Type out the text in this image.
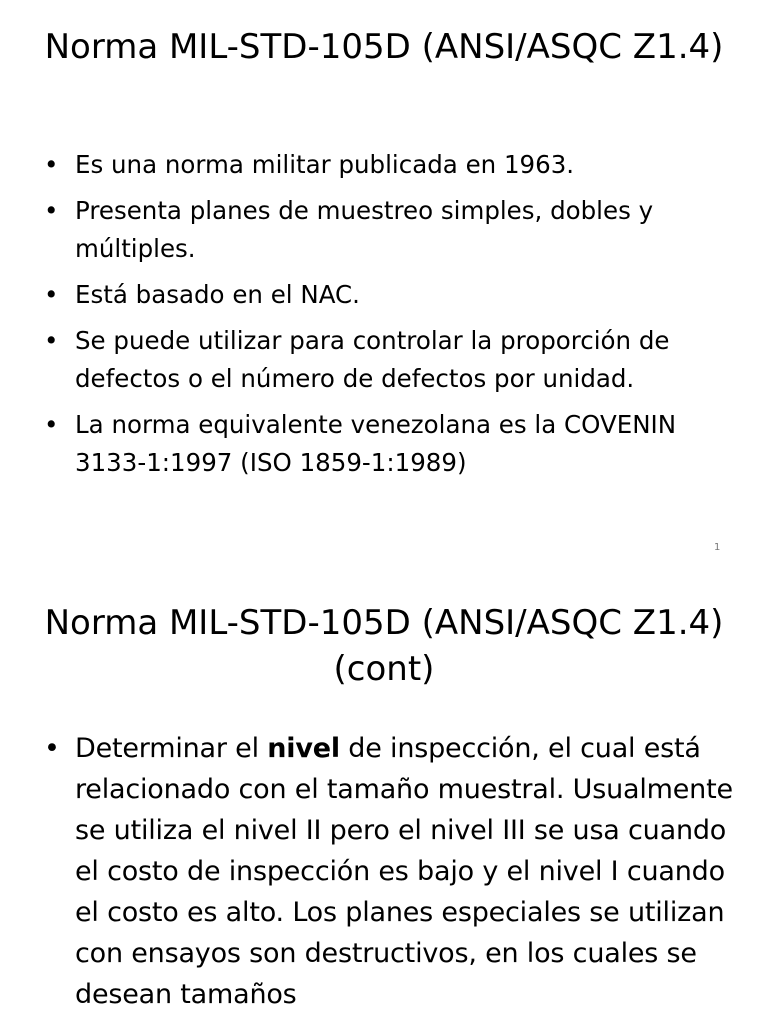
Norma MIL-STD-105D (ANSI/ASQC Z1.4)
• Es una norma militar publicada en 1963.
• Presenta planes de muestreo simples, dobles y múltiples.
• Está basado en el NAC.
• Se puede utilizar para controlar la proporción de defectos o el número de defectos por unidad.
• La norma equivalente venezolana es la COVENIN 3133-1:1997 (ISO 1859-1:1989)
1
Norma MIL-STD-105D (ANSI/ASQC Z1.4) (cont)
• Determinar el nivel de inspección, el cual está relacionado con el tamaño muestral. Usualmente se utiliza el nivel II pero el nivel III se usa cuando el costo de inspección es bajo y el nivel I cuando el costo es alto. Los planes especiales se utilizan con ensayos son destructivos, en los cuales se desean tamaños
